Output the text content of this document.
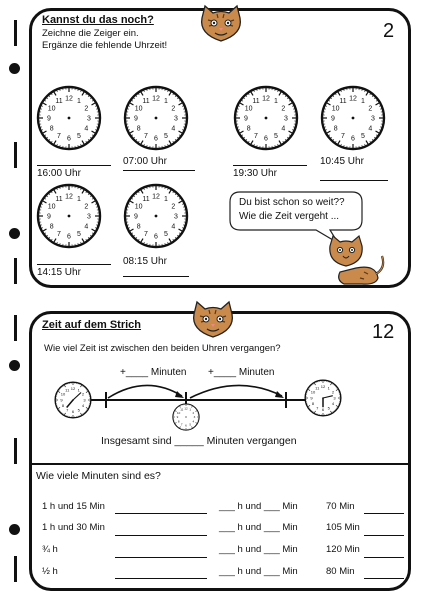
Kannst du das noch?
Zeichne die Zeiger ein.
Ergänze die fehlende Uhrzeit!
2
1
2
3
4
5
6
7
8
9
10
11 12	1
2
3
4
5
6
7
8
9
10
11 12	1
2
3
4
5
6
7
8
9
10
11 12	1
2
3
4
5
6
7
8
9
10
11 12
1
2
3
4
5
6
7
8
9
10
11 12	1
2
3
4
5
6
7
8
9
10
11 12
16:00 Uhr
07:00 Uhr
19:30 Uhr
10:45 Uhr
14:15 Uhr
08:15 Uhr
Du bist schon so weit??
Wie die Zeit vergeht ...
Zeit auf dem Strich	12
Wie viel Zeit ist zwischen den beiden Uhren vergangen?
+____ Minuten +____ Minuten
1
2
3
4
5
6
7
8
9
10
11 12
1
2
3
4
5
6
7
8
9
10
11 12
1
2
3
4
5
6
7
8
9
10
11 12
Insgesamt sind _____ Minuten vergangen
Wie viele Minuten sind es?
1 h und 15 Min	___ h und ___ Min	70 Min
1 h und 30 Min	___ h und ___ Min	105 Min
¾ h	___ h und ___ Min	120 Min
½ h	___ h und ___ Min	80 Min
